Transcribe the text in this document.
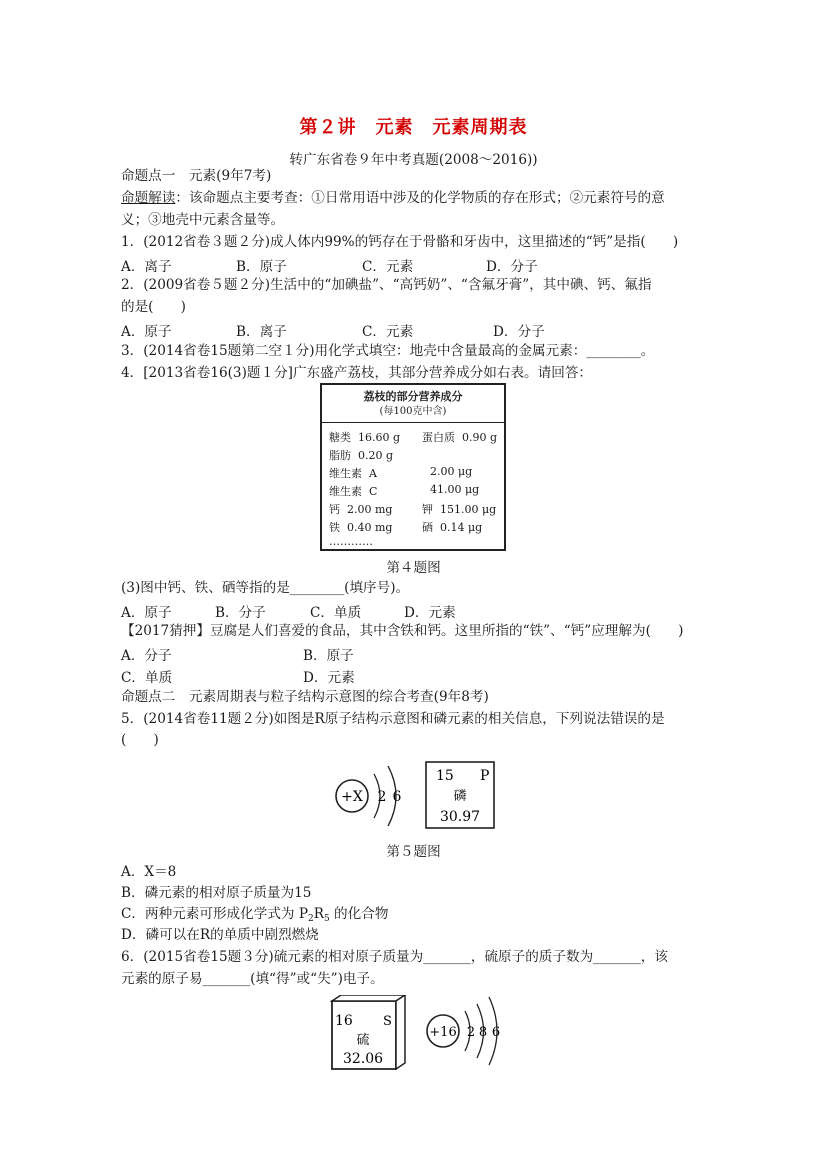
第２讲　元素　元素周期表
转广东省卷９年中考真题(2008～2016))
命题点一　元素(9年7考)
命题解读：该命题点主要考查：①日常用语中涉及的化学物质的存在形式；②元素符号的意
义；③地壳中元素含量等。
1．(2012省卷３题２分)成人体内99%的钙存在于骨骼和牙齿中，这里描述的“钙”是指(　　)
A．离子	B．原子	C．元素	D．分子
2．(2009省卷５题２分)生活中的“加碘盐”、“高钙奶”、“含氟牙膏”，其中碘、钙、氟指
的是(　　)
A．原子	B．离子	C．元素	D．分子
3．(2014省卷15题第二空１分)用化学式填空：地壳中含量最高的金属元素：________。
4．[2013省卷16(3)题１分]广东盛产荔枝，其部分营养成分如右表。请回答：
荔枝的部分营养成分
(每100克中含)
糖类  16.60 g 蛋白质  0.90 g
脂肪  0.20 g
维生素  A	2.00 μg
维生素  C	41.00 μg
钙  2.00 mg	钾  151.00 μg
铁  0.40 mg	硒  0.14 μg
…………
第４题图
(3)图中钙、铁、硒等指的是________(填序号)。
A．原子	B．分子	C．单质	D．元素
【2017猜押】豆腐是人们喜爱的食品，其中含铁和钙。这里所指的“铁”、“钙”应理解为(　　)
A．分子	B．原子
C．单质	D．元素
命题点二　元素周期表与粒子结构示意图的综合考查(9年8考)
5．(2014省卷11题２分)如图是R原子结构示意图和磷元素的相关信息，下列说法错误的是
(　　)
+X 2 6
15 P
磷
30.97
第５题图
A．X＝8
B．磷元素的相对原子质量为15
C．两种元素可形成化学式为 $P_2R_5$ 的化合物
D．磷可以在R的单质中剧烈燃烧
6．(2015省卷15题３分)硫元素的相对原子质量为_______，硫原子的质子数为_______，该
元素的原子易_______(填“得”或“失”)电子。
16 S
硫
32.06
+16 2 8 6
